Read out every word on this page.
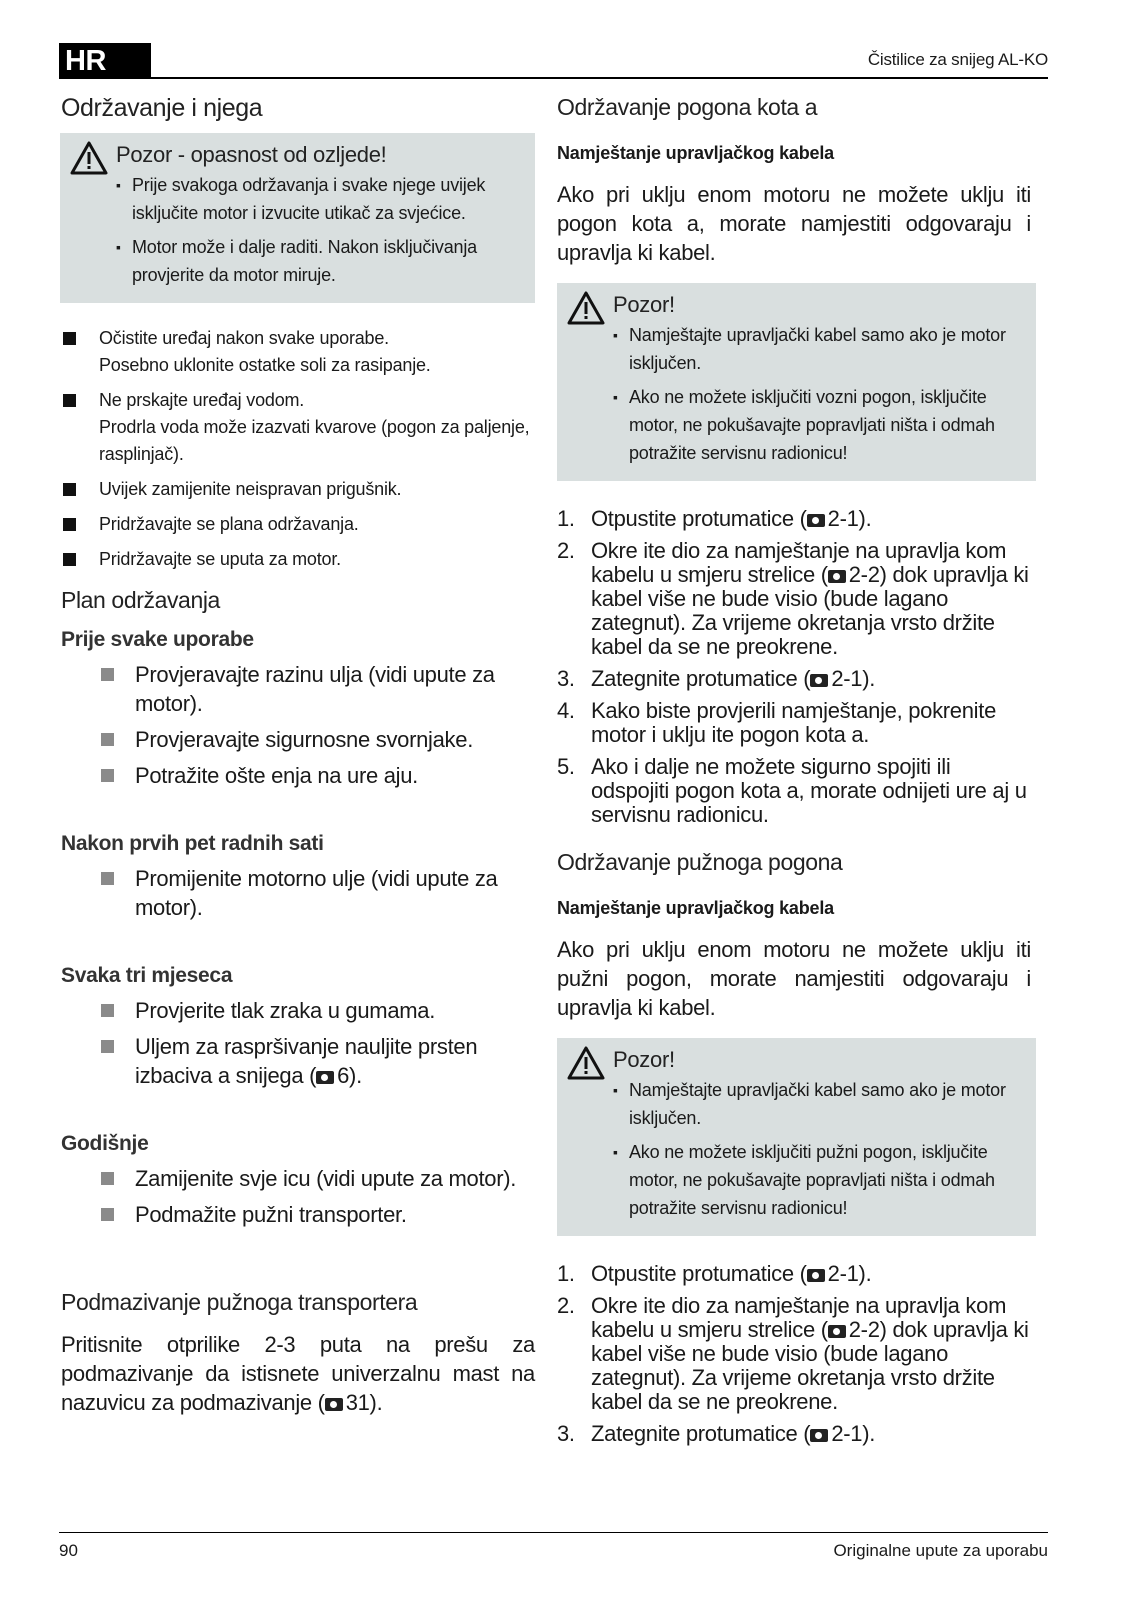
HR	Čistilice za snijeg AL-KO
Održavanje i njega
Pozor - opasnost od ozljede!
▪ Prije svakoga održavanja i svake njege uvijek isključite motor i izvucite utikač za svjećice.
▪ Motor može i dalje raditi. Nakon isključivanja provjerite da motor miruje.
Očistite uređaj nakon svake uporabe.
Posebno uklonite ostatke soli za rasipanje.
Ne prskajte uređaj vodom.
Prodrla voda može izazvati kvarove (pogon za paljenje, rasplinjač).
Uvijek zamijenite neispravan prigušnik.
Pridržavajte se plana održavanja.
Pridržavajte se uputa za motor.
Plan održavanja
Prije svake uporabe
Provjeravajte razinu ulja (vidi upute za motor).
Provjeravajte sigurnosne svornjake.
Potražite ošte enja na ure aju.
Nakon prvih pet radnih sati
Promijenite motorno ulje (vidi upute za motor).
Svaka tri mjeseca
Provjerite tlak zraka u gumama.
Uljem za raspršivanje nauljite prsten izbaciva a snijega ( 6).
Godišnje
Zamijenite svje icu (vidi upute za motor).
Podmažite pužni transporter.
Podmazivanje pužnoga transportera

Pritisnite otprilike 2-3 puta na prešu za podmazivanje da istisnete univerzalnu mast na nazuvicu za podmazivanje ( 31).

Održavanje pogona kota a
Namještanje upravljačkog kabela

Ako pri uklju enom motoru ne možete uklju iti pogon kota a, morate namjestiti odgovaraju i upravlja ki kabel.

Pozor!
▪ Namještajte upravljački kabel samo ako je motor isključen.
▪ Ako ne možete isključiti vozni pogon, isključite motor, ne pokušavajte popravljati ništa i odmah potražite servisnu radionicu!
1. Otpustite protumatice ( 2-1).
2. Okre ite dio za namještanje na upravlja kom kabelu u smjeru strelice ( 2-2) dok upravlja ki kabel više ne bude visio (bude lagano zategnut). Za vrijeme okretanja vrsto držite kabel da se ne preokrene.
3. Zategnite protumatice ( 2-1).
4. Kako biste provjerili namještanje, pokrenite motor i uklju ite pogon kota a.
5. Ako i dalje ne možete sigurno spojiti ili odspojiti pogon kota a, morate odnijeti ure aj u servisnu radionicu.
Održavanje pužnoga pogona
Namještanje upravljačkog kabela

Ako pri uklju enom motoru ne možete uklju iti pužni pogon, morate namjestiti odgovaraju i upravlja ki kabel.

Pozor!
▪ Namještajte upravljački kabel samo ako je motor isključen.
▪ Ako ne možete isključiti pužni pogon, isključite motor, ne pokušavajte popravljati ništa i odmah potražite servisnu radionicu!
1. Otpustite protumatice ( 2-1).
2. Okre ite dio za namještanje na upravlja kom kabelu u smjeru strelice ( 2-2) dok upravlja ki kabel više ne bude visio (bude lagano zategnut). Za vrijeme okretanja vrsto držite kabel da se ne preokrene.
3. Zategnite protumatice ( 2-1).
90	Originalne upute za uporabu
